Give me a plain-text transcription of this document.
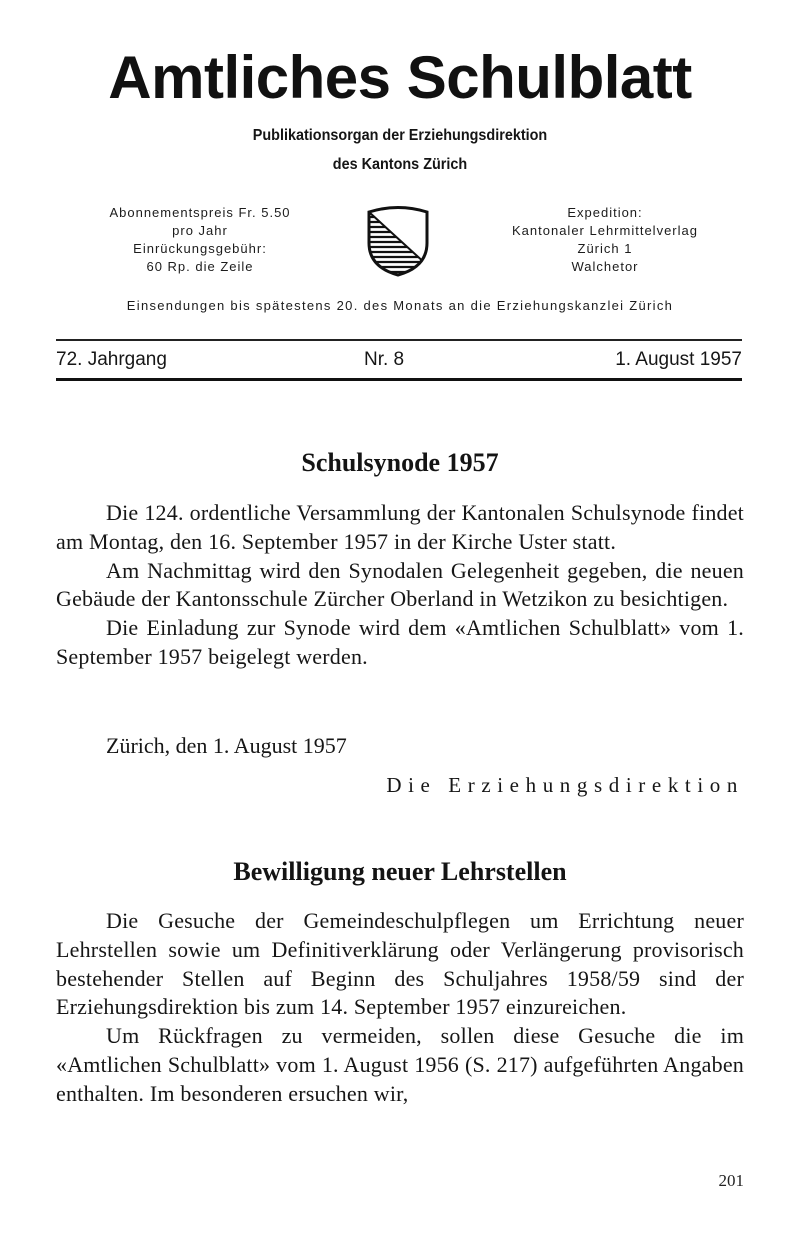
Amtliches Schulblatt
Publikationsorgan der Erziehungsdirektion
des Kantons Zürich
Abonnementspreis Fr. 5.50
pro Jahr
Einrückungsgebühr:
60 Rp. die Zeile
Expedition:
Kantonaler Lehrmittelverlag
Zürich 1
Walchetor
Einsendungen bis spätestens 20. des Monats an die Erziehungskanzlei Zürich
72. Jahrgang	Nr. 8	1. August 1957
Schulsynode 1957

Die 124. ordentliche Versammlung der Kantonalen Schulsynode findet am Montag, den 16. September 1957 in der Kirche Uster statt.

Am Nachmittag wird den Synodalen Gelegenheit gegeben, die neuen Gebäude der Kantonsschule Zürcher Oberland in Wetzikon zu besichtigen.

Die Einladung zur Synode wird dem «Amtlichen Schulblatt» vom 1. September 1957 beigelegt werden.

Zürich, den 1. August 1957
Die Erziehungsdirektion
Bewilligung neuer Lehrstellen

Die Gesuche der Gemeindeschulpflegen um Errichtung neuer Lehrstellen sowie um Definitiverklärung oder Verlängerung provisorisch bestehender Stellen auf Beginn des Schuljahres 1958/59 sind der Erziehungsdirektion bis zum 14. September 1957 einzureichen.

Um Rückfragen zu vermeiden, sollen diese Gesuche die im «Amtlichen Schulblatt» vom 1. August 1956 (S. 217) aufgeführten Angaben enthalten. Im besonderen ersuchen wir,

201
